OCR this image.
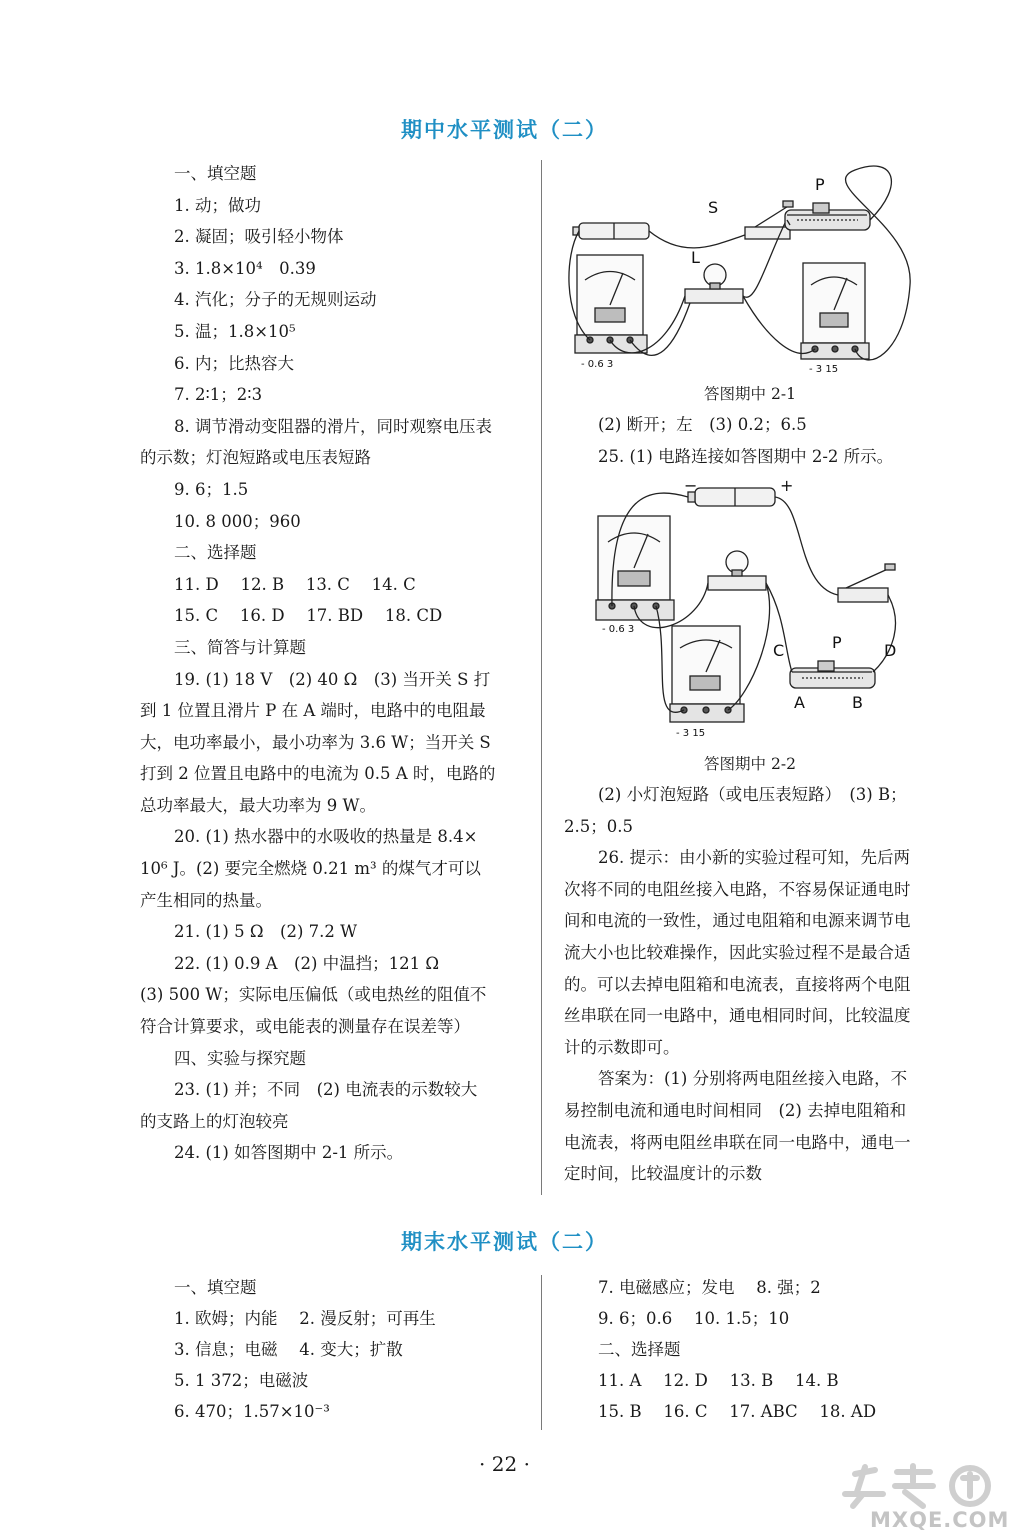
期中水平测试（二）
一、填空题
1. 动；做功
2. 凝固；吸引轻小物体
3. 1.8×10⁴　0.39
4. 汽化；分子的无规则运动
5. 温；1.8×10⁵
6. 内；比热容大
7. 2∶1；2∶3
8. 调节滑动变阻器的滑片，同时观察电压表
的示数；灯泡短路或电压表短路
9. 6；1.5
10. 8 000；960
二、选择题
11. D　 12. B　 13. C　 14. C
15. C　 16. D　 17. BD　 18. CD
三、简答与计算题
19. (1) 18 V　(2) 40 Ω　(3) 当开关 S 打
到 1 位置且滑片 P 在 A 端时，电路中的电阻最
大，电功率最小，最小功率为 3.6 W；当开关 S
打到 2 位置且电路中的电流为 0.5 A 时，电路的
总功率最大，最大功率为 9 W。
20. (1) 热水器中的水吸收的热量是 8.4×
10⁶ J。(2) 要完全燃烧 0.21 m³ 的煤气才可以
产生相同的热量。
21. (1) 5 Ω　(2) 7.2 W
22. (1) 0.9 A　(2) 中温挡；121 Ω
(3) 500 W；实际电压偏低（或电热丝的阻值不
符合计算要求，或电能表的测量存在误差等）
四、实验与探究题
23. (1) 并；不同　(2) 电流表的示数较大
的支路上的灯泡较亮
24. (1) 如答图期中 2-1 所示。
S
P
L
- 0.6 3	- 3 15
答图期中 2-1
(2) 断开；左　(3) 0.2；6.5
25. (1) 电路连接如答图期中 2-2 所示。
−	+
P
C	D
A	B
- 0.6 3
- 3 15
答图期中 2-2
(2) 小灯泡短路（或电压表短路）　(3) B；
2.5；0.5
26. 提示：由小新的实验过程可知，先后两
次将不同的电阻丝接入电路，不容易保证通电时
间和电流的一致性，通过电阻箱和电源来调节电
流大小也比较难操作，因此实验过程不是最合适
的。可以去掉电阻箱和电流表，直接将两个电阻
丝串联在同一电路中，通电相同时间，比较温度
计的示数即可。
答案为：(1) 分别将两电阻丝接入电路，不
易控制电流和通电时间相同　(2) 去掉电阻箱和
电流表，将两电阻丝串联在同一电路中，通电一
定时间，比较温度计的示数
期末水平测试（二）
一、填空题
1. 欧姆；内能　 2. 漫反射；可再生
3. 信息；电磁　 4. 变大；扩散
5. 1 372；电磁波
6. 470；1.57×10⁻³
7. 电磁感应；发电　 8. 强；2
9. 6；0.6　 10. 1.5；10
二、选择题
11. A　 12. D　 13. B　 14. B
15. B　 16. C　 17. ABC　 18. AD
· 22 ·
MXQE.COM
